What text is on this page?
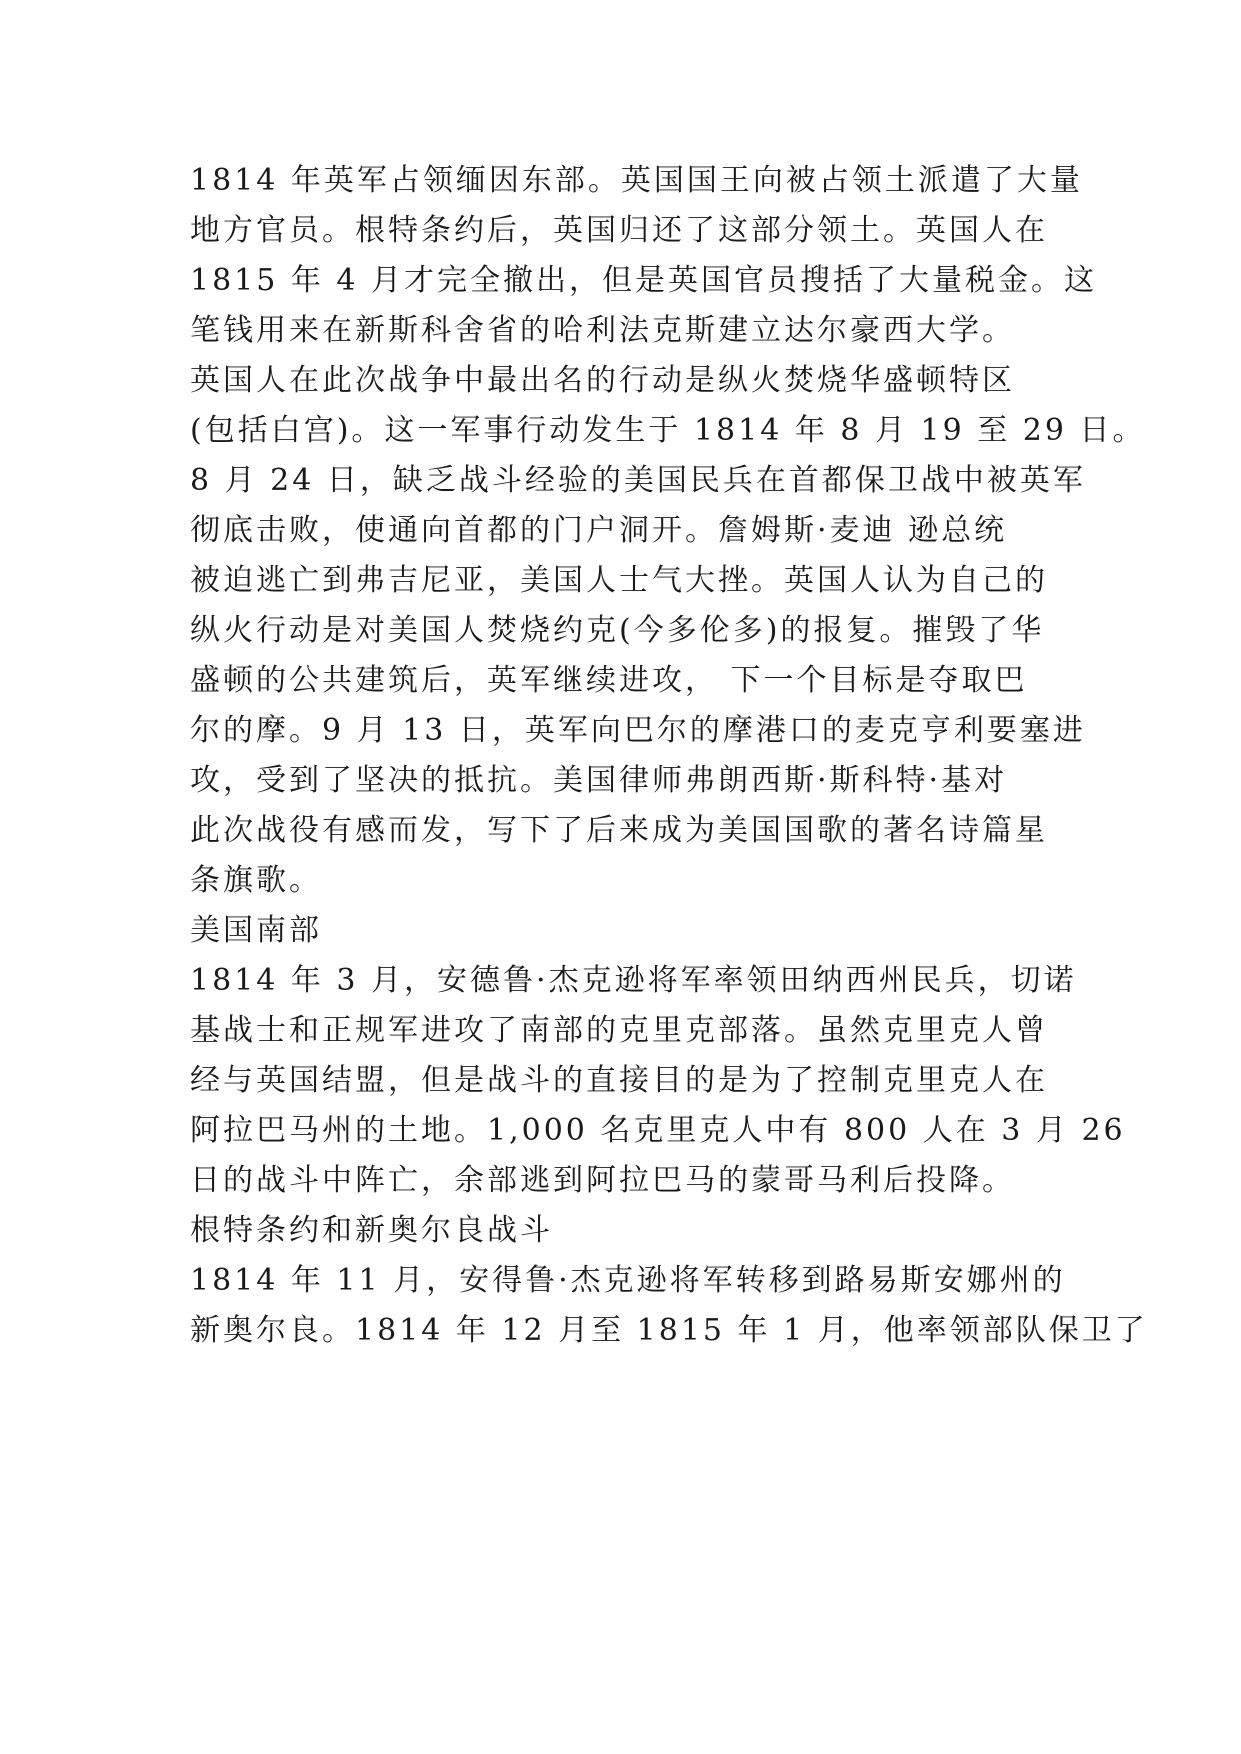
1814 年英军占领缅因东部。英国国王向被占领土派遣了大量
地方官员。根特条约后，英国归还了这部分领土。英国人在
1815 年 4 月才完全撤出，但是英国官员搜括了大量税金。这
笔钱用来在新斯科舍省的哈利法克斯建立达尔豪西大学。
英国人在此次战争中最出名的行动是纵火焚烧华盛顿特区
(包括白宫)。这一军事行动发生于 1814 年 8 月 19 至 29 日。
8 月 24 日，缺乏战斗经验的美国民兵在首都保卫战中被英军
彻底击败，使通向首都的门户洞开。詹姆斯·麦迪 逊总统
被迫逃亡到弗吉尼亚，美国人士气大挫。英国人认为自己的
纵火行动是对美国人焚烧约克(今多伦多)的报复。摧毁了华
盛顿的公共建筑后，英军继续进攻， 下一个目标是夺取巴
尔的摩。9 月 13 日，英军向巴尔的摩港口的麦克亨利要塞进
攻，受到了坚决的抵抗。美国律师弗朗西斯·斯科特·基对
此次战役有感而发，写下了后来成为美国国歌的著名诗篇星
条旗歌。
美国南部
1814 年 3 月，安德鲁·杰克逊将军率领田纳西州民兵，切诺
基战士和正规军进攻了南部的克里克部落。虽然克里克人曾
经与英国结盟，但是战斗的直接目的是为了控制克里克人在
阿拉巴马州的土地。1,000 名克里克人中有 800 人在 3 月 26
日的战斗中阵亡，余部逃到阿拉巴马的蒙哥马利后投降。
根特条约和新奥尔良战斗
1814 年 11 月，安得鲁·杰克逊将军转移到路易斯安娜州的
新奥尔良。1814 年 12 月至 1815 年 1 月，他率领部队保卫了
